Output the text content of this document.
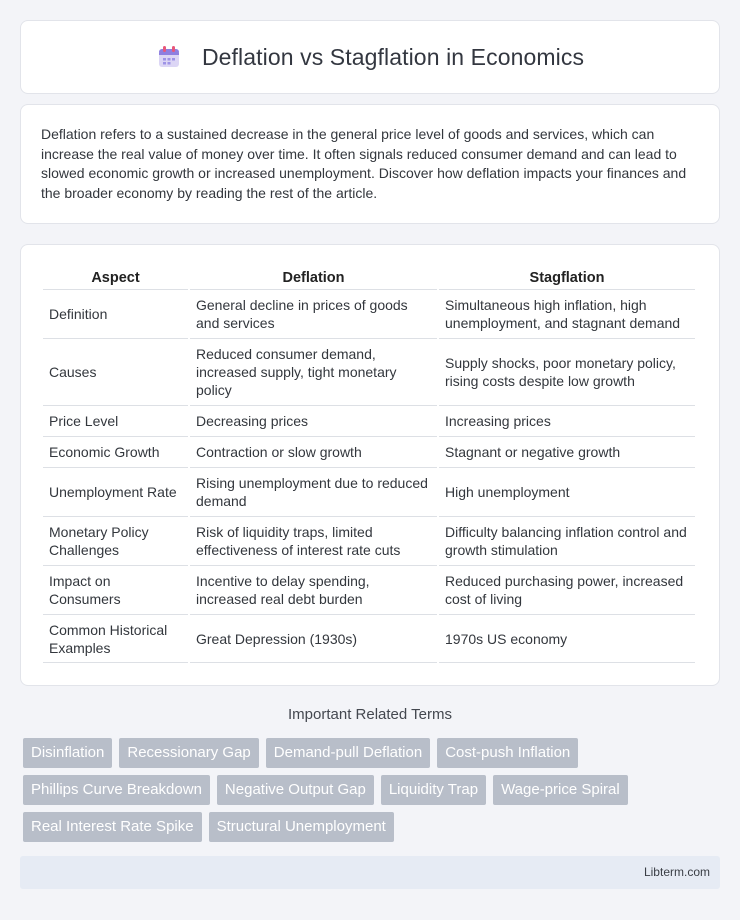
Deflation vs Stagflation in Economics

Deflation refers to a sustained decrease in the general price level of goods and services, which can increase the real value of money over time. It often signals reduced consumer demand and can lead to slowed economic growth or increased unemployment. Discover how deflation impacts your finances and the broader economy by reading the rest of the article.

Aspect	Deflation	Stagflation
Definition	General decline in prices of goods and services	Simultaneous high inflation, high unemployment, and stagnant demand
Causes	Reduced consumer demand, increased supply, tight monetary policy	Supply shocks, poor monetary policy, rising costs despite low growth
Price Level	Decreasing prices	Increasing prices
Economic Growth	Contraction or slow growth	Stagnant or negative growth
Unemployment Rate	Rising unemployment due to reduced demand	High unemployment
Monetary Policy Challenges	Risk of liquidity traps, limited effectiveness of interest rate cuts	Difficulty balancing inflation control and growth stimulation
Impact on Consumers	Incentive to delay spending, increased real debt burden	Reduced purchasing power, increased cost of living
Common Historical Examples	Great Depression (1930s)	1970s US economy
Important Related Terms
Disinflation	Recessionary Gap	Demand-pull Deflation	Cost-push Inflation
Phillips Curve Breakdown	Negative Output Gap	Liquidity Trap	Wage-price Spiral
Real Interest Rate Spike	Structural Unemployment
Libterm.com
